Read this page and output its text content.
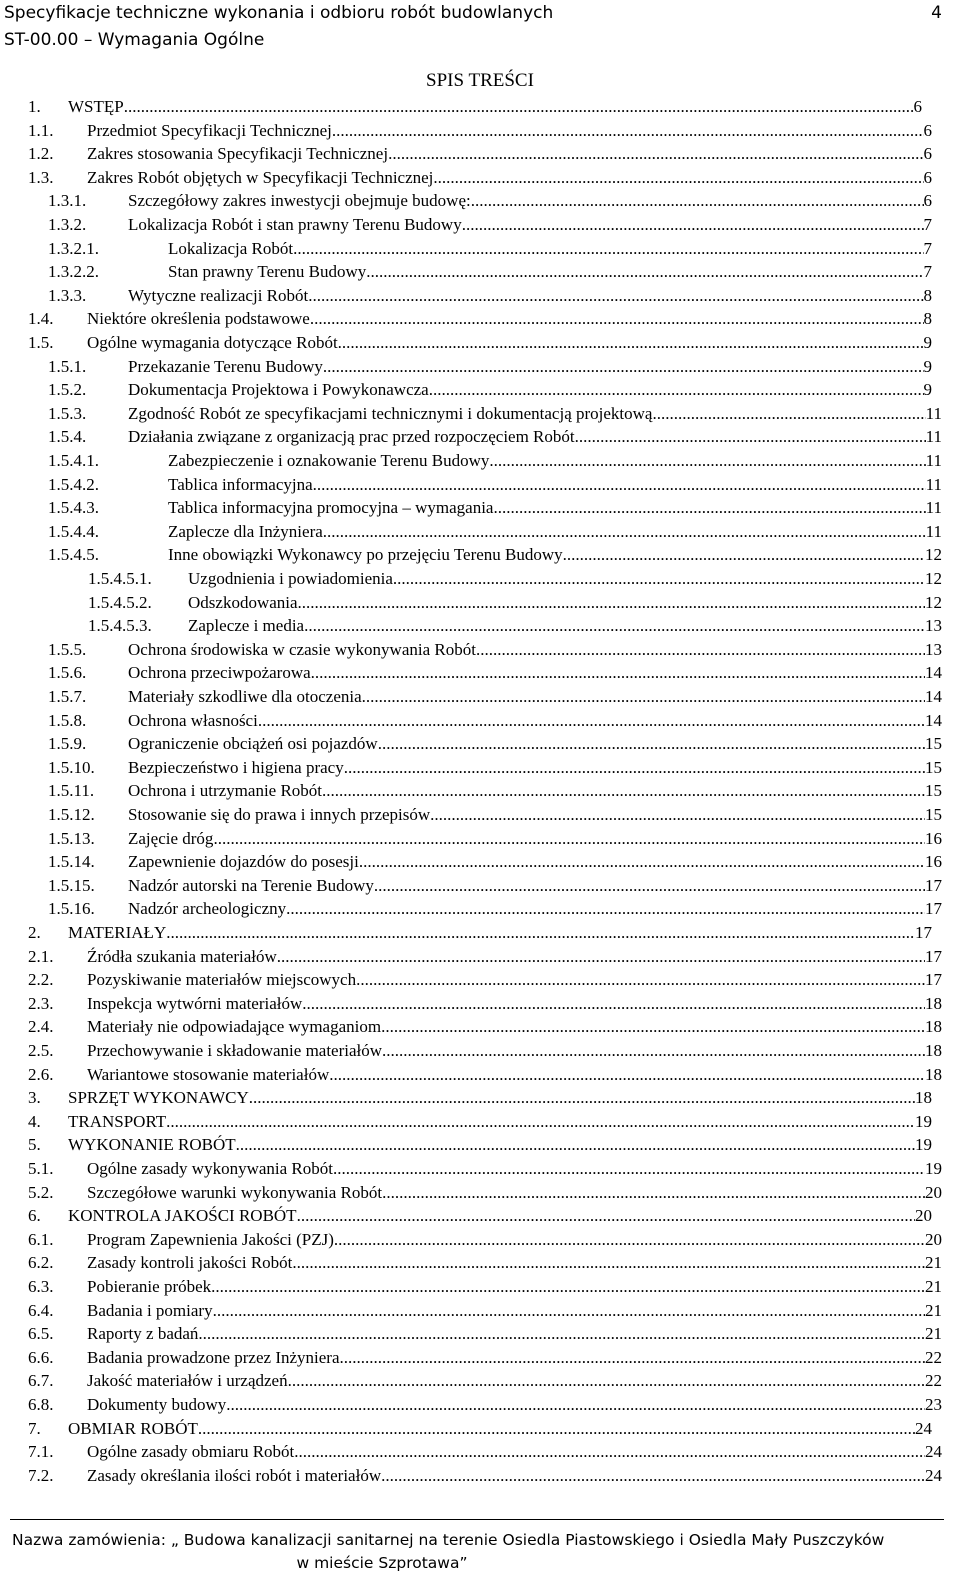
Specyfikacje techniczne wykonania i odbioru robót budowlanych	4
ST-00.00 – Wymagania Ogólne
SPIS TREŚCI
1.	WSTĘP .....	6
1.1.	Przedmiot Specyfikacji Technicznej .....	6
1.2.	Zakres stosowania Specyfikacji Technicznej .....	6
1.3.	Zakres Robót objętych w Specyfikacji Technicznej .....	6
1.3.1.	Szczegółowy zakres inwestycji obejmuje budowę: .....	6
1.3.2.	Lokalizacja Robót i stan prawny Terenu Budowy .....	7
1.3.2.1.	Lokalizacja Robót .....	7
1.3.2.2.	Stan prawny Terenu Budowy .....	7
1.3.3.	Wytyczne realizacji Robót .....	8
1.4.	Niektóre określenia podstawowe .....	8
1.5.	Ogólne wymagania dotyczące Robót .....	9
1.5.1.	Przekazanie Terenu Budowy .....	9
1.5.2.	Dokumentacja Projektowa i Powykonawcza .....	9
1.5.3.	Zgodność Robót ze specyfikacjami technicznymi i dokumentacją projektową .....	11
1.5.4.	Działania związane z organizacją prac przed rozpoczęciem Robót .....	11
1.5.4.1.	Zabezpieczenie i oznakowanie Terenu Budowy .....	11
1.5.4.2.	Tablica informacyjna .....	11
1.5.4.3.	Tablica informacyjna promocyjna – wymagania .....	11
1.5.4.4.	Zaplecze dla Inżyniera .....	11
1.5.4.5.	Inne obowiązki Wykonawcy po przejęciu Terenu Budowy .....	12
1.5.4.5.1.	Uzgodnienia i powiadomienia .....	12
1.5.4.5.2.	Odszkodowania .....	12
1.5.4.5.3.	Zaplecze i media .....	13
1.5.5.	Ochrona środowiska w czasie wykonywania Robót .....	13
1.5.6.	Ochrona przeciwpożarowa .....	14
1.5.7.	Materiały szkodliwe dla otoczenia .....	14
1.5.8.	Ochrona własności .....	14
1.5.9.	Ograniczenie obciążeń osi pojazdów .....	15
1.5.10.	Bezpieczeństwo i higiena pracy .....	15
1.5.11.	Ochrona i utrzymanie Robót .....	15
1.5.12.	Stosowanie się do prawa i innych przepisów .....	15
1.5.13.	Zajęcie dróg .....	16
1.5.14.	Zapewnienie dojazdów do posesji .....	16
1.5.15.	Nadzór autorski na Terenie Budowy .....	17
1.5.16.	Nadzór archeologiczny .....	17
2.	MATERIAŁY .....	17
2.1.	Źródła szukania materiałów .....	17
2.2.	Pozyskiwanie materiałów miejscowych .....	17
2.3.	Inspekcja wytwórni materiałów .....	18
2.4.	Materiały nie odpowiadające wymaganiom .....	18
2.5.	Przechowywanie i składowanie materiałów .....	18
2.6.	Wariantowe stosowanie materiałów .....	18
3.	SPRZĘT WYKONAWCY .....	18
4.	TRANSPORT .....	19
5.	WYKONANIE ROBÓT .....	19
5.1.	Ogólne zasady wykonywania Robót .....	19
5.2.	Szczegółowe warunki wykonywania Robót .....	20
6.	KONTROLA JAKOŚCI ROBÓT .....	20
6.1.	Program Zapewnienia Jakości (PZJ) .....	20
6.2.	Zasady kontroli jakości Robót .....	21
6.3.	Pobieranie próbek .....	21
6.4.	Badania i pomiary .....	21
6.5.	Raporty z badań .....	21
6.6.	Badania prowadzone przez Inżyniera .....	22
6.7.	Jakość materiałów i urządzeń .....	22
6.8.	Dokumenty budowy .....	23
7.	OBMIAR ROBÓT .....	24
7.1.	Ogólne zasady obmiaru Robót .....	24
7.2.	Zasady określania ilości robót i materiałów .....	24
Nazwa zamówienia: „ Budowa kanalizacji sanitarnej na terenie Osiedla Piastowskiego i Osiedla Mały Puszczyków
w mieście Szprotawa”
